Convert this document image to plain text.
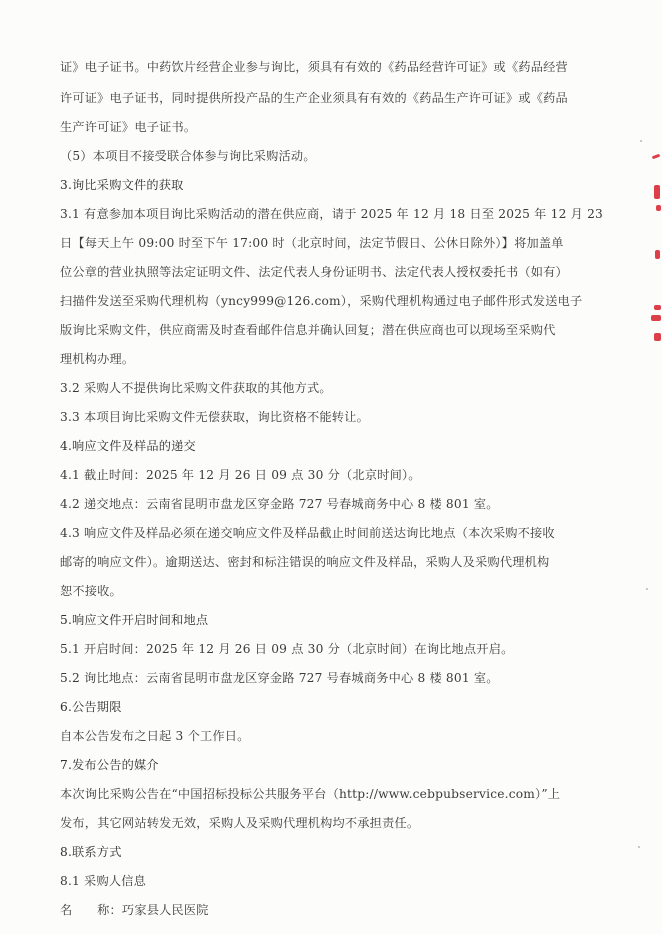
证》电子证书。中药饮片经营企业参与询比，须具有有效的《药品经营许可证》或《药品经营
许可证》电子证书，同时提供所投产品的生产企业须具有有效的《药品生产许可证》或《药品
生产许可证》电子证书。
（5）本项目不接受联合体参与询比采购活动。
3.询比采购文件的获取
3.1 有意参加本项目询比采购活动的潜在供应商，请于 2025 年 12 月 18 日至 2025 年 12 月 23
日【每天上午 09:00 时至下午 17:00 时（北京时间，法定节假日、公休日除外）】将加盖单
位公章的营业执照等法定证明文件、法定代表人身份证明书、法定代表人授权委托书（如有）
扫描件发送至采购代理机构（yncy999@126.com），采购代理机构通过电子邮件形式发送电子
版询比采购文件，供应商需及时查看邮件信息并确认回复；潜在供应商也可以现场至采购代
理机构办理。
3.2 采购人不提供询比采购文件获取的其他方式。
3.3 本项目询比采购文件无偿获取，询比资格不能转让。
4.响应文件及样品的递交
4.1 截止时间：2025 年 12 月 26 日 09 点 30 分（北京时间）。
4.2 递交地点：云南省昆明市盘龙区穿金路 727 号春城商务中心 8 楼 801 室。
4.3 响应文件及样品必须在递交响应文件及样品截止时间前送达询比地点（本次采购不接收
邮寄的响应文件）。逾期送达、密封和标注错误的响应文件及样品，采购人及采购代理机构
恕不接收。
5.响应文件开启时间和地点
5.1 开启时间：2025 年 12 月 26 日 09 点 30 分（北京时间）在询比地点开启。
5.2 询比地点：云南省昆明市盘龙区穿金路 727 号春城商务中心 8 楼 801 室。
6.公告期限
自本公告发布之日起 3 个工作日。
7.发布公告的媒介
本次询比采购公告在“中国招标投标公共服务平台（http://www.cebpubservice.com）”上
发布，其它网站转发无效，采购人及采购代理机构均不承担责任。
8.联系方式
8.1 采购人信息
名　　称：巧家县人民医院
